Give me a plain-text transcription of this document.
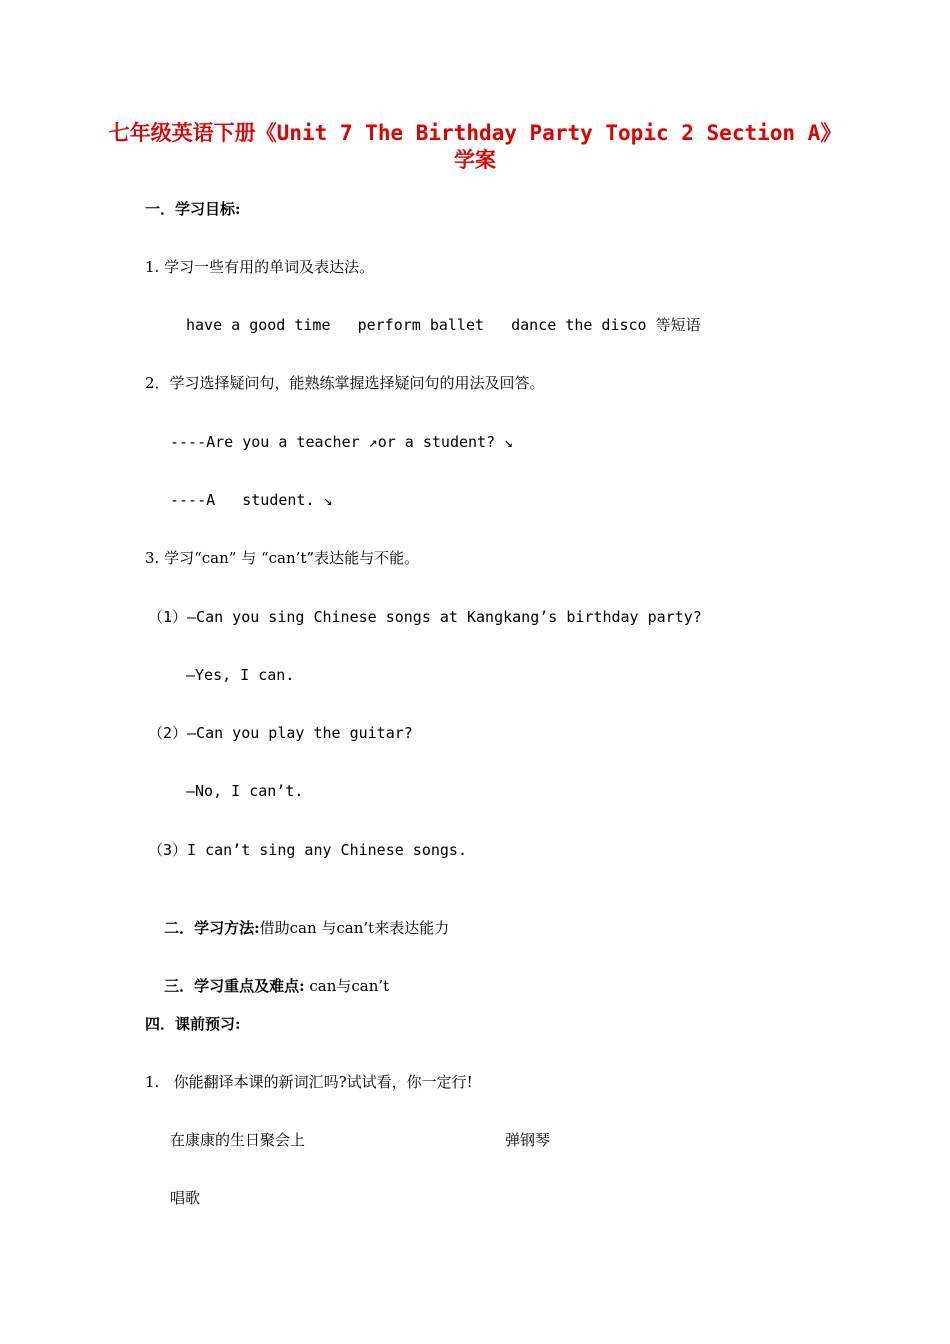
七年级英语下册《Unit 7 The Birthday Party Topic 2 Section A》学案
一．学习目标:
1. 学习一些有用的单词及表达法。
have a good time   perform ballet   dance the disco 等短语
2．学习选择疑问句，能熟练掌握选择疑问句的用法及回答。
----Are you a teacher ↗or a student? ↘
----A   student. ↘
3. 学习“can” 与 “can’t”表达能与不能。
（1）—Can you sing Chinese songs at Kangkang’s birthday party?
—Yes, I can.
（2）—Can you play the guitar?
—No, I can’t.
（3）I can’t sing any Chinese songs.

二．学习方法:借助can 与can’t来表达能力

三．学习重点及难点: can与can’t

四．课前预习:
1.   你能翻译本课的新词汇吗?试试看，你一定行!
在康康的生日聚会上	弹钢琴
唱歌
